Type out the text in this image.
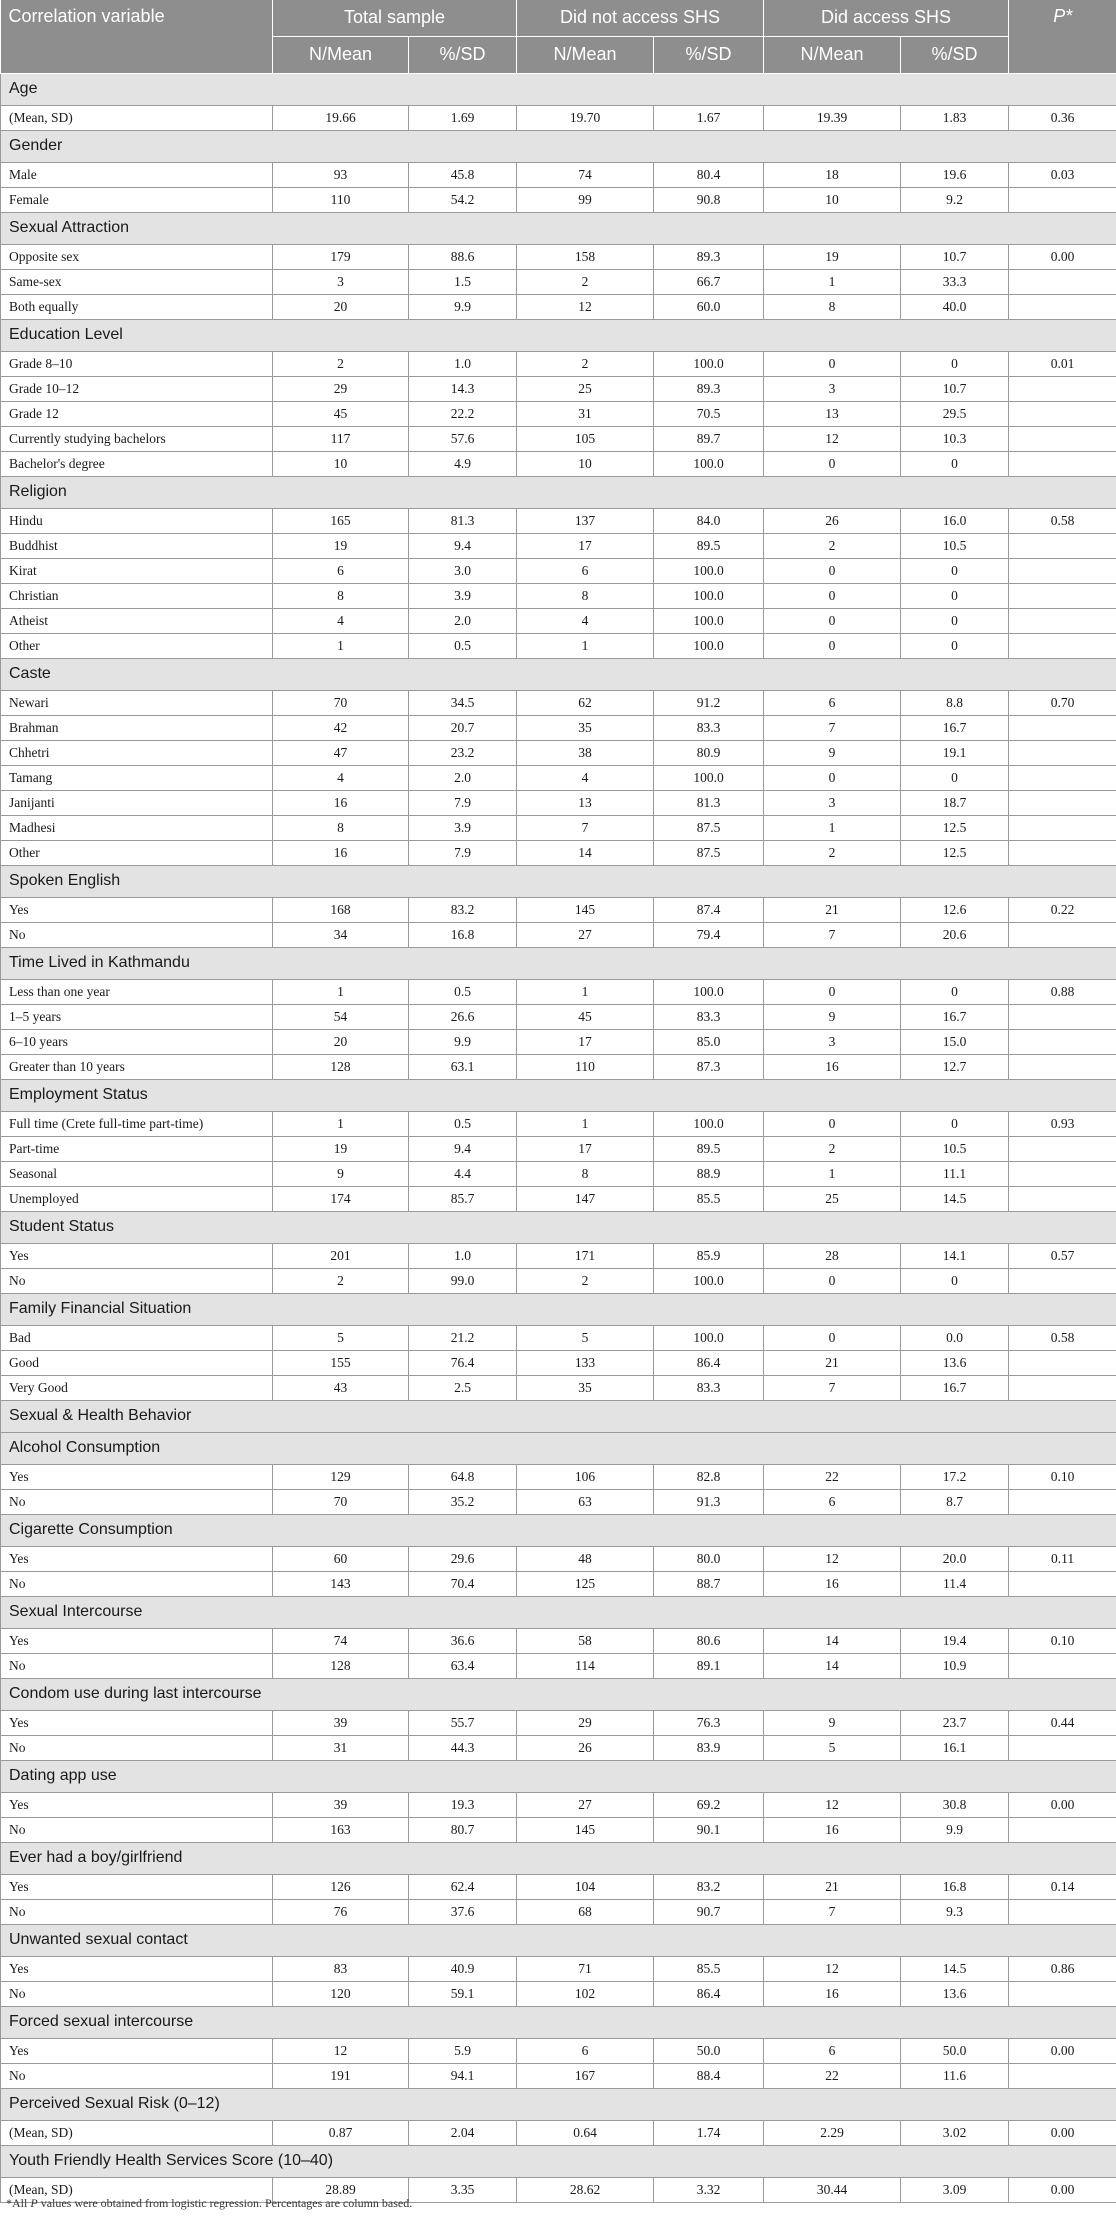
Correlation variable	Total sample		Did not access SHS		Did access SHS		P*
	N/Mean	%/SD	N/Mean	%/SD	N/Mean	%/SD	
Age							
(Mean, SD)	19.66	1.69	19.70	1.67	19.39	1.83	0.36
Gender							
Male	93	45.8	74	80.4	18	19.6	0.03
Female	110	54.2	99	90.8	10	9.2	
Sexual Attraction							
Opposite sex	179	88.6	158	89.3	19	10.7	0.00
Same-sex	3	1.5	2	66.7	1	33.3	
Both equally	20	9.9	12	60.0	8	40.0	
Education Level							
Grade 8–10	2	1.0	2	100.0	0	0	0.01
Grade 10–12	29	14.3	25	89.3	3	10.7	
Grade 12	45	22.2	31	70.5	13	29.5	
Currently studying bachelors	117	57.6	105	89.7	12	10.3	
Bachelor's degree	10	4.9	10	100.0	0	0	
Religion							
Hindu	165	81.3	137	84.0	26	16.0	0.58
Buddhist	19	9.4	17	89.5	2	10.5	
Kirat	6	3.0	6	100.0	0	0	
Christian	8	3.9	8	100.0	0	0	
Atheist	4	2.0	4	100.0	0	0	
Other	1	0.5	1	100.0	0	0	
Caste							
Newari	70	34.5	62	91.2	6	8.8	0.70
Brahman	42	20.7	35	83.3	7	16.7	
Chhetri	47	23.2	38	80.9	9	19.1	
Tamang	4	2.0	4	100.0	0	0	
Janijanti	16	7.9	13	81.3	3	18.7	
Madhesi	8	3.9	7	87.5	1	12.5	
Other	16	7.9	14	87.5	2	12.5	
Spoken English							
Yes	168	83.2	145	87.4	21	12.6	0.22
No	34	16.8	27	79.4	7	20.6	
Time Lived in Kathmandu							
Less than one year	1	0.5	1	100.0	0	0	0.88
1–5 years	54	26.6	45	83.3	9	16.7	
6–10 years	20	9.9	17	85.0	3	15.0	
Greater than 10 years	128	63.1	110	87.3	16	12.7	
Employment Status							
Full time (Crete full-time part-time)	1	0.5	1	100.0	0	0	0.93
Part-time	19	9.4	17	89.5	2	10.5	
Seasonal	9	4.4	8	88.9	1	11.1	
Unemployed	174	85.7	147	85.5	25	14.5	
Student Status							
Yes	201	1.0	171	85.9	28	14.1	0.57
No	2	99.0	2	100.0	0	0	
Family Financial Situation							
Bad	5	21.2	5	100.0	0	0.0	0.58
Good	155	76.4	133	86.4	21	13.6	
Very Good	43	2.5	35	83.3	7	16.7	
Sexual & Health Behavior							
Alcohol Consumption							
Yes	129	64.8	106	82.8	22	17.2	0.10
No	70	35.2	63	91.3	6	8.7	
Cigarette Consumption							
Yes	60	29.6	48	80.0	12	20.0	0.11
No	143	70.4	125	88.7	16	11.4	
Sexual Intercourse							
Yes	74	36.6	58	80.6	14	19.4	0.10
No	128	63.4	114	89.1	14	10.9	
Condom use during last intercourse							
Yes	39	55.7	29	76.3	9	23.7	0.44
No	31	44.3	26	83.9	5	16.1	
Dating app use							
Yes	39	19.3	27	69.2	12	30.8	0.00
No	163	80.7	145	90.1	16	9.9	
Ever had a boy/girlfriend							
Yes	126	62.4	104	83.2	21	16.8	0.14
No	76	37.6	68	90.7	7	9.3	
Unwanted sexual contact							
Yes	83	40.9	71	85.5	12	14.5	0.86
No	120	59.1	102	86.4	16	13.6	
Forced sexual intercourse							
Yes	12	5.9	6	50.0	6	50.0	0.00
No	191	94.1	167	88.4	22	11.6	
Perceived Sexual Risk (0–12)							
(Mean, SD)	0.87	2.04	0.64	1.74	2.29	3.02	0.00
Youth Friendly Health Services Score (10–40)							
(Mean, SD)	28.89	3.35	28.62	3.32	30.44	3.09	0.00
*All P values were obtained from logistic regression. Percentages are column based.
